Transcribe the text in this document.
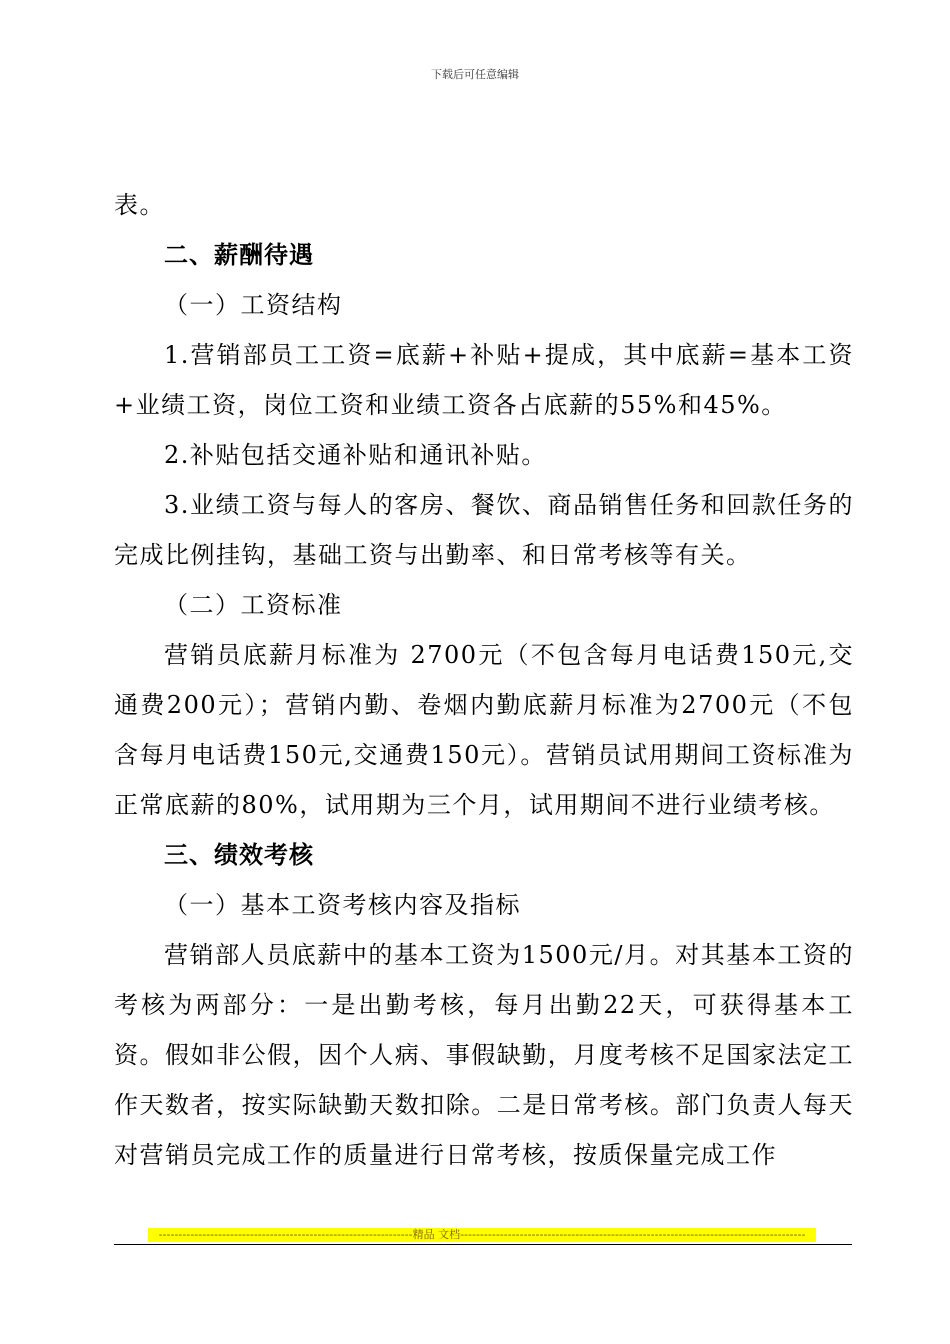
下载后可任意编辑

表。

二、薪酬待遇

（一）工资结构

1.营销部员工工资=底薪+补贴+提成，其中底薪=基本工资+业绩工资，岗位工资和业绩工资各占底薪的55%和45%。

2.补贴包括交通补贴和通讯补贴。

3.业绩工资与每人的客房、餐饮、商品销售任务和回款任务的完成比例挂钩，基础工资与出勤率、和日常考核等有关。

（二）工资标准

营销员底薪月标准为 2700元（不包含每月电话费150元,交通费200元）；营销内勤、卷烟内勤底薪月标准为2700元（不包含每月电话费150元,交通费150元）。营销员试用期间工资标准为正常底薪的80%，试用期为三个月，试用期间不进行业绩考核。

三、绩效考核

（一）基本工资考核内容及指标

营销部人员底薪中的基本工资为1500元/月。对其基本工资的考核为两部分：一是出勤考核，每月出勤22天，可获得基本工资。假如非公假，因个人病、事假缺勤，月度考核不足国家法定工作天数者，按实际缺勤天数扣除。二是日常考核。部门负责人每天对营销员完成工作的质量进行日常考核，按质保量完成工作

----------------------------------------------------------------精品 文档---------------------------------------------------------------------------------------
